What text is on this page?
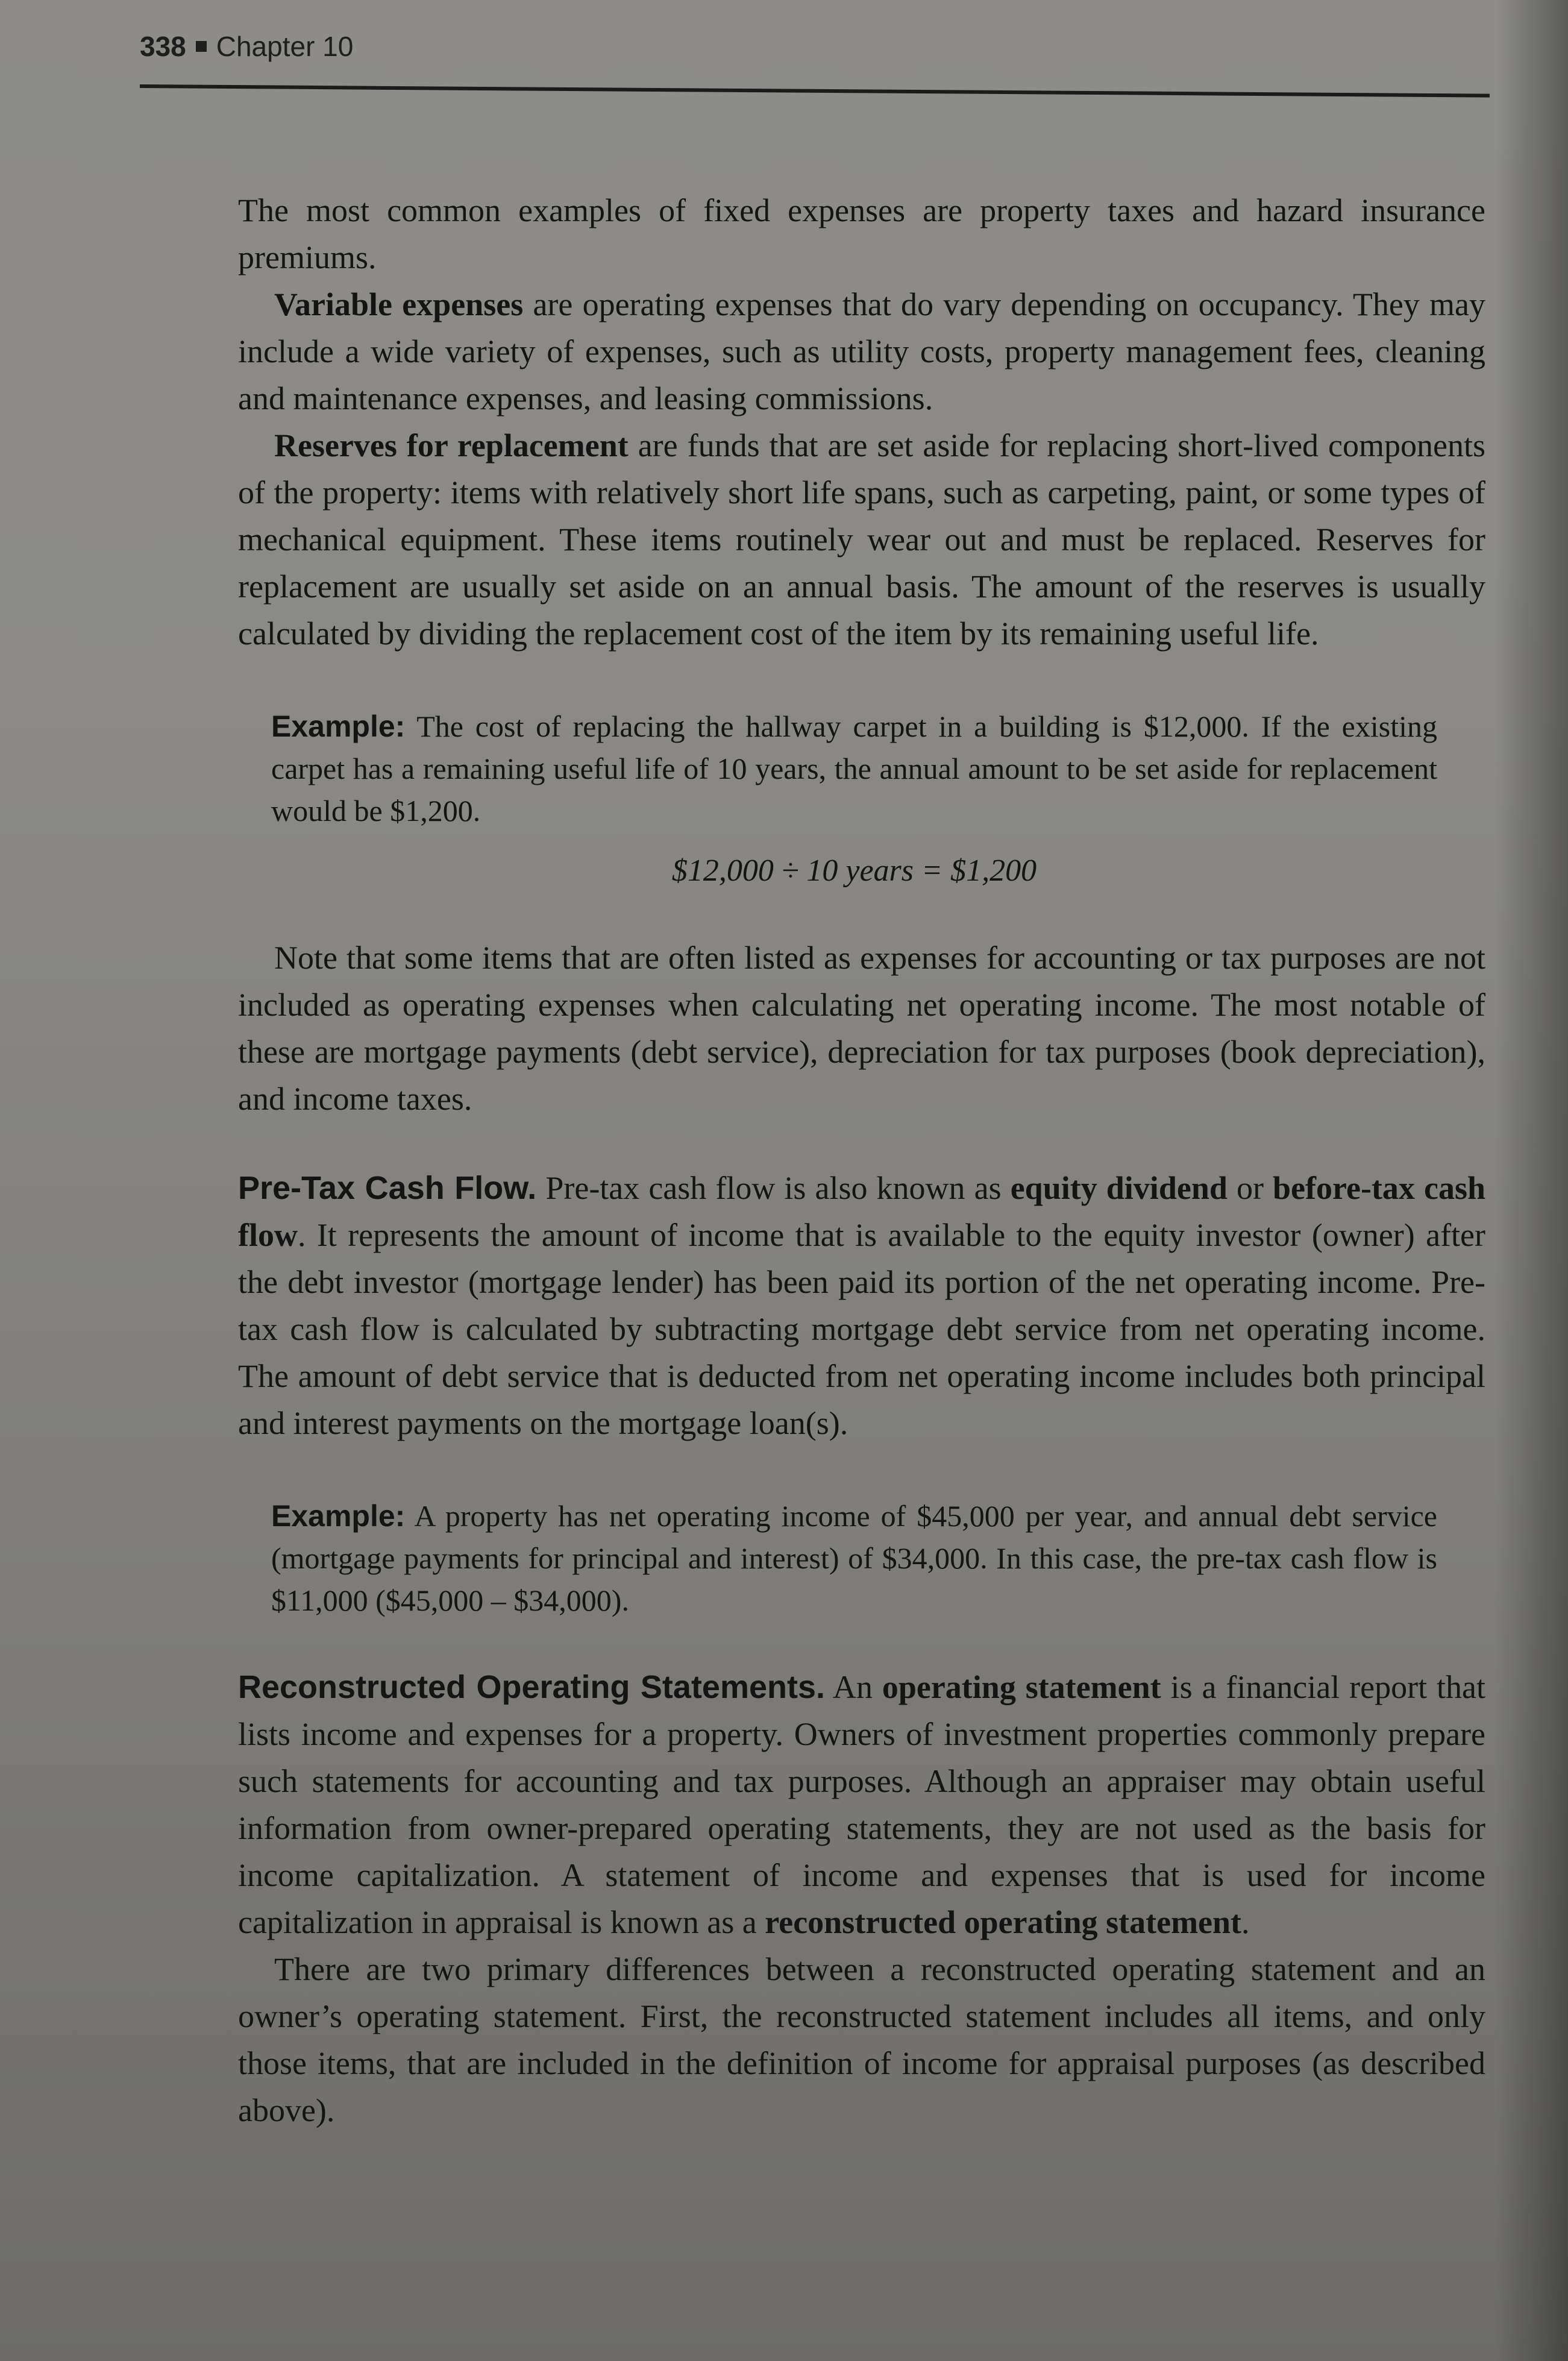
338 Chapter 10

The most common examples of fixed expenses are property taxes and hazard insurance premiums.

Variable expenses are operating expenses that do vary depending on occupancy. They may include a wide variety of expenses, such as utility costs, property management fees, cleaning and maintenance expenses, and leasing commissions.

Reserves for replacement are funds that are set aside for replacing short-lived components of the property: items with relatively short life spans, such as carpeting, paint, or some types of mechanical equipment. These items routinely wear out and must be replaced. Reserves for replacement are usually set aside on an annual basis. The amount of the reserves is usually calculated by dividing the replacement cost of the item by its remaining useful life.

Example: The cost of replacing the hallway carpet in a building is $12,000. If the existing carpet has a remaining useful life of 10 years, the annual amount to be set aside for replacement would be $1,200.

$12,000 ÷ 10 years = $1,200

Note that some items that are often listed as expenses for accounting or tax purposes are not included as operating expenses when calculating net operating income. The most notable of these are mortgage payments (debt service), depreciation for tax purposes (book depreciation), and income taxes.

Pre-Tax Cash Flow. Pre-tax cash flow is also known as equity dividend or before-tax cash flow. It represents the amount of income that is available to the equity investor (owner) after the debt investor (mortgage lender) has been paid its portion of the net operating income. Pre-tax cash flow is calculated by subtracting mortgage debt service from net operating income. The amount of debt service that is deducted from net operating income includes both principal and interest payments on the mortgage loan(s).

Example: A property has net operating income of $45,000 per year, and annual debt service (mortgage payments for principal and interest) of $34,000. In this case, the pre-tax cash flow is $11,000 ($45,000 – $34,000).

Reconstructed Operating Statements. An operating statement is a financial report that lists income and expenses for a property. Owners of investment properties commonly prepare such statements for accounting and tax purposes. Although an appraiser may obtain useful information from owner-prepared operating statements, they are not used as the basis for income capitalization. A statement of income and expenses that is used for income capitalization in appraisal is known as a reconstructed operating statement.

There are two primary differences between a reconstructed operating statement and an owner’s operating statement. First, the reconstructed statement includes all items, and only those items, that are included in the definition of income for appraisal purposes (as described above).
